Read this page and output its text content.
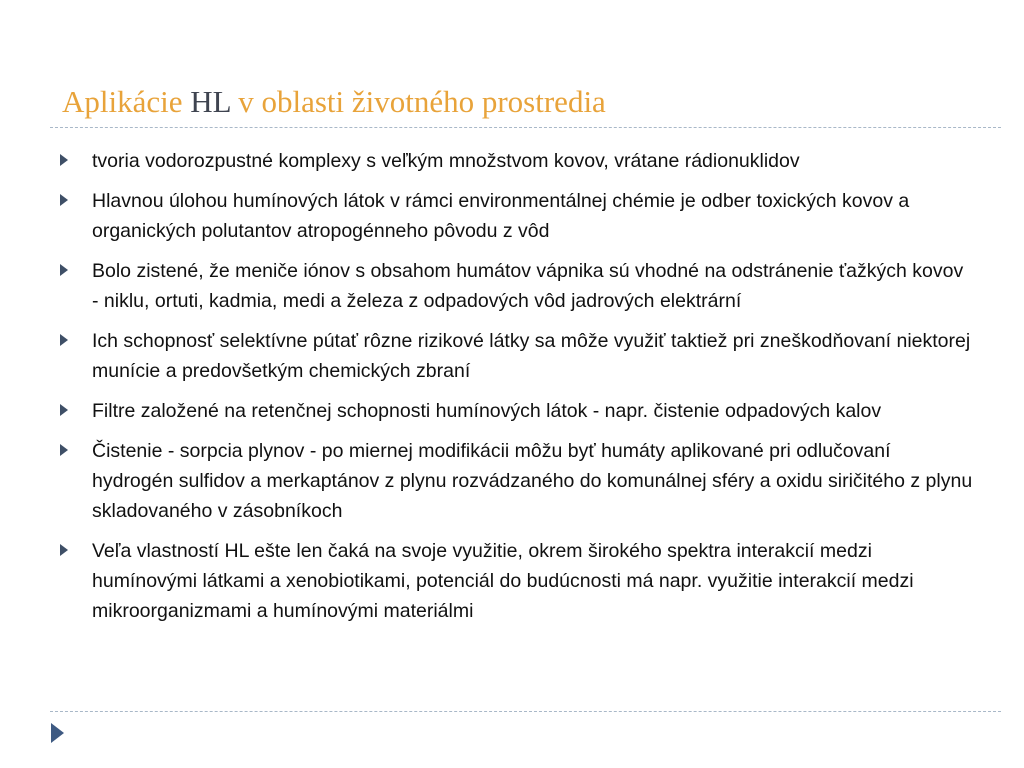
Aplikácie HL v oblasti životného prostredia
tvoria vodorozpustné komplexy s veľkým množstvom kovov, vrátane rádionuklidov
Hlavnou úlohou humínových látok v rámci environmentálnej chémie je odber toxických kovov a organických polutantov atropogénneho pôvodu z vôd
Bolo zistené, že meniče iónov s obsahom humátov vápnika sú vhodné na odstránenie ťažkých kovov - niklu, ortuti, kadmia, medi a železa z odpadových vôd jadrových elektrární
Ich schopnosť selektívne pútať rôzne rizikové látky sa môže využiť taktiež pri zneškodňovaní niektorej munície a predovšetkým chemických zbraní
Filtre založené na retenčnej schopnosti humínových látok - napr. čistenie odpadových kalov
Čistenie - sorpcia plynov - po miernej modifikácii môžu byť humáty aplikované pri odlučovaní hydrogén sulfidov a merkaptánov z plynu rozvádzaného do komunálnej sféry a oxidu siričitého z plynu skladovaného v zásobníkoch
Veľa vlastností HL ešte len čaká na svoje využitie, okrem širokého spektra interakcií medzi humínovými látkami a xenobiotikami, potenciál do budúcnosti má napr. využitie interakcií medzi mikroorganizmami a humínovými materiálmi
